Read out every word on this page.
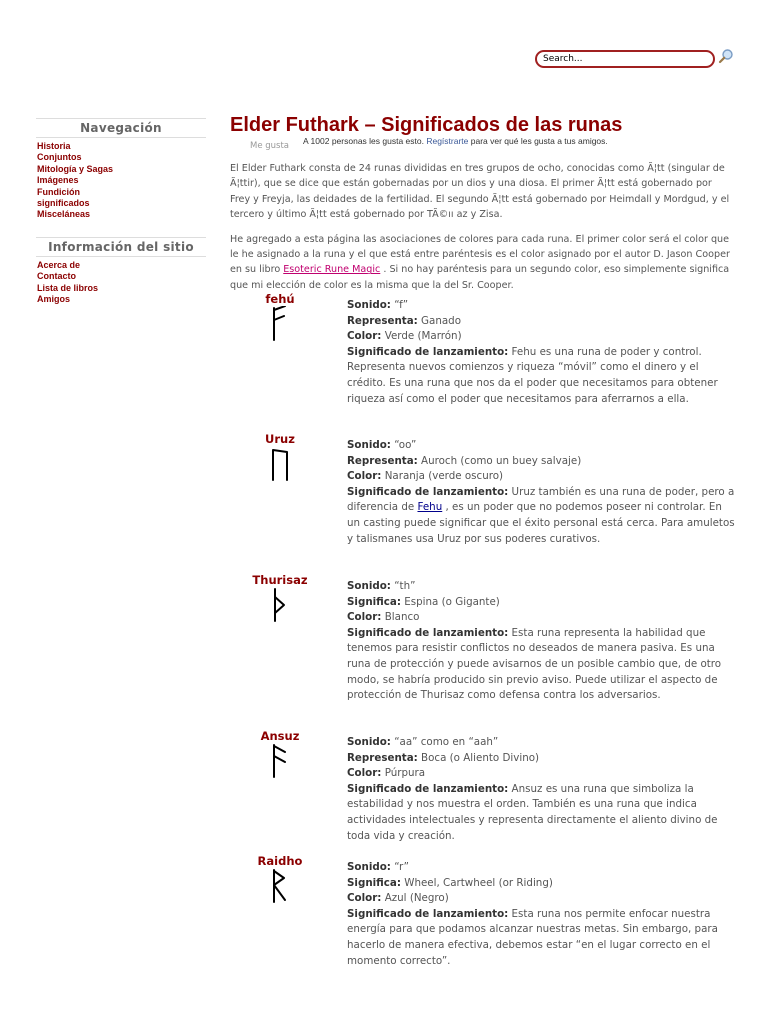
Search...
Navegación
Historia
Conjuntos
Mitología y Sagas
Imágenes
Fundición
significados
Misceláneas
Información del sitio
Acerca de
Contacto
Lista de libros
Amigos
Elder Futhark – Significados de las runas
Me gusta A 1002 personas les gusta esto. Regístrarte para ver qué les gusta a tus amigos.

El Elder Futhark consta de 24 runas divididas en tres grupos de ocho, conocidas como Ã¦tt (singular de Ã¦ttir), que se dice que están gobernadas por un dios y una diosa. El primer Ã¦tt está gobernado por Frey y Freyja, las deidades de la fertilidad. El segundo Ã¦tt está gobernado por Heimdall y Mordgud, y el tercero y último Ã¦tt está gobernado por TÃ©ıı az y Zisa.

He agregado a esta página las asociaciones de colores para cada runa. El primer color será el color que le he asignado a la runa y el que está entre paréntesis es el color asignado por el autor D. Jason Cooper en su libro Esoteric Rune Magic . Si no hay paréntesis para un segundo color, eso simplemente significa que mi elección de color es la misma que la del Sr. Cooper.

fehú	Sonido: “f”
Representa: Ganado
Color: Verde (Marrón)
Significado de lanzamiento: Fehu es una runa de poder y control. Representa nuevos comienzos y riqueza “móvil” como el dinero y el crédito. Es una runa que nos da el poder que necesitamos para obtener riqueza así como el poder que necesitamos para aferrarnos a ella.
Uruz	Sonido: “oo”
Representa: Auroch (como un buey salvaje)
Color: Naranja (verde oscuro)
Significado de lanzamiento: Uruz también es una runa de poder, pero a diferencia de Fehu , es un poder que no podemos poseer ni controlar. En un casting puede significar que el éxito personal está cerca. Para amuletos y talismanes usa Uruz por sus poderes curativos.
Thurisaz	Sonido: “th”
Significa: Espina (o Gigante)
Color: Blanco
Significado de lanzamiento: Esta runa representa la habilidad que tenemos para resistir conflictos no deseados de manera pasiva. Es una runa de protección y puede avisarnos de un posible cambio que, de otro modo, se habría producido sin previo aviso. Puede utilizar el aspecto de protección de Thurisaz como defensa contra los adversarios.
Ansuz	Sonido: “aa” como en “aah”
Representa: Boca (o Aliento Divino)
Color: Púrpura
Significado de lanzamiento: Ansuz es una runa que simboliza la estabilidad y nos muestra el orden. También es una runa que indica actividades intelectuales y representa directamente el aliento divino de toda vida y creación.
Raidho	Sonido: “r”
Significa: Wheel, Cartwheel (or Riding)
Color: Azul (Negro)
Significado de lanzamiento: Esta runa nos permite enfocar nuestra energía para que podamos alcanzar nuestras metas. Sin embargo, para hacerlo de manera efectiva, debemos estar “en el lugar correcto en el momento correcto”.
